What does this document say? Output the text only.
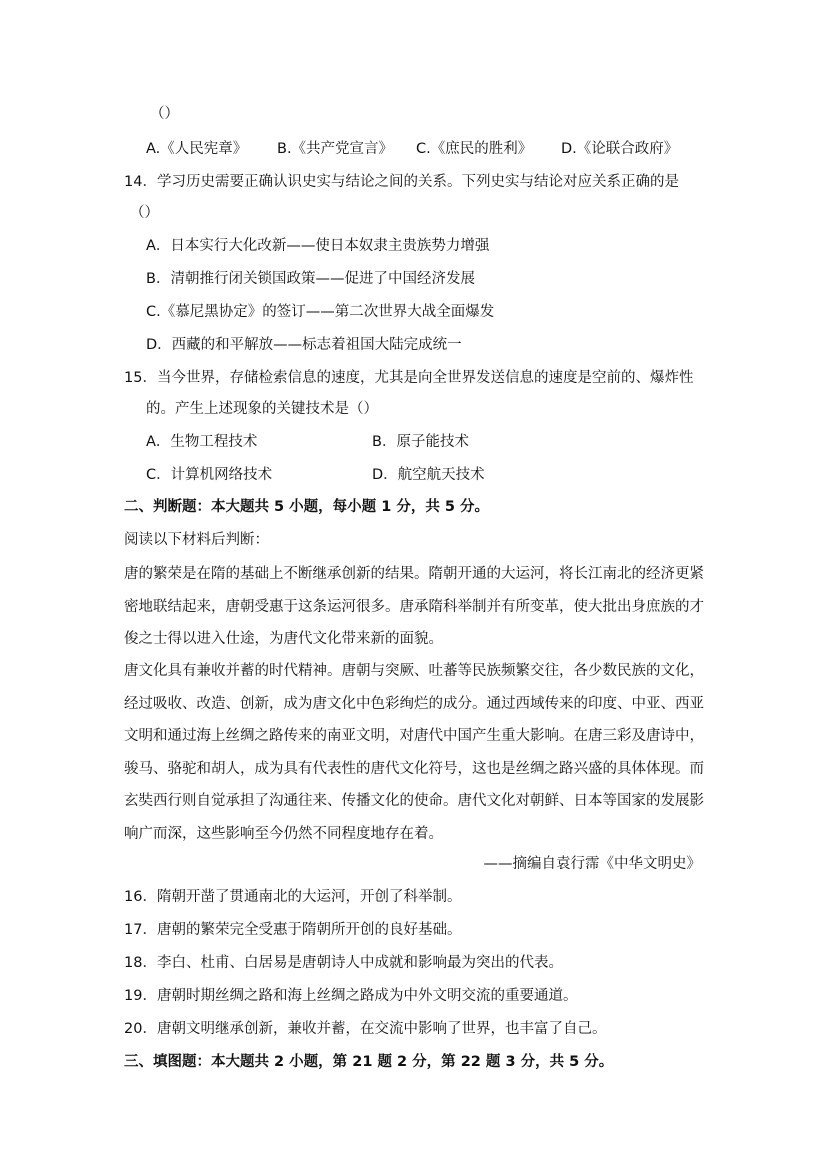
（）
A.《人民宪章》 B.《共产党宣言》 C.《庶民的胜利》 D.《论联合政府》
14．学习历史需要正确认识史实与结论之间的关系。下列史实与结论对应关系正确的是
（）
A．日本实行大化改新——使日本奴隶主贵族势力增强
B．清朝推行闭关锁国政策——促进了中国经济发展
C.《慕尼黑协定》的签订——第二次世界大战全面爆发
D．西藏的和平解放——标志着祖国大陆完成统一
15．当今世界，存储检索信息的速度，尤其是向全世界发送信息的速度是空前的、爆炸性
的。产生上述现象的关键技术是（）
A．生物工程技术	B．原子能技术
C．计算机网络技术	D．航空航天技术
二、判断题：本大题共 5 小题，每小题 1 分，共 5 分。
阅读以下材料后判断：
唐的繁荣是在隋的基础上不断继承创新的结果。隋朝开通的大运河，将长江南北的经济更紧密地联结起来，唐朝受惠于这条运河很多。唐承隋科举制并有所变革，使大批出身庶族的才俊之士得以进入仕途，为唐代文化带来新的面貌。
唐文化具有兼收并蓄的时代精神。唐朝与突厥、吐蕃等民族频繁交往，各少数民族的文化，经过吸收、改造、创新，成为唐文化中色彩绚烂的成分。通过西域传来的印度、中亚、西亚文明和通过海上丝绸之路传来的南亚文明，对唐代中国产生重大影响。在唐三彩及唐诗中，骏马、骆驼和胡人，成为具有代表性的唐代文化符号，这也是丝绸之路兴盛的具体体现。而玄奘西行则自觉承担了沟通往来、传播文化的使命。唐代文化对朝鲜、日本等国家的发展影响广而深，这些影响至今仍然不同程度地存在着。
——摘编自袁行霈《中华文明史》
16．隋朝开凿了贯通南北的大运河，开创了科举制。
17．唐朝的繁荣完全受惠于隋朝所开创的良好基础。
18．李白、杜甫、白居易是唐朝诗人中成就和影响最为突出的代表。
19．唐朝时期丝绸之路和海上丝绸之路成为中外文明交流的重要通道。
20．唐朝文明继承创新，兼收并蓄，在交流中影响了世界，也丰富了自己。
三、填图题：本大题共 2 小题，第 21 题 2 分，第 22 题 3 分，共 5 分。
